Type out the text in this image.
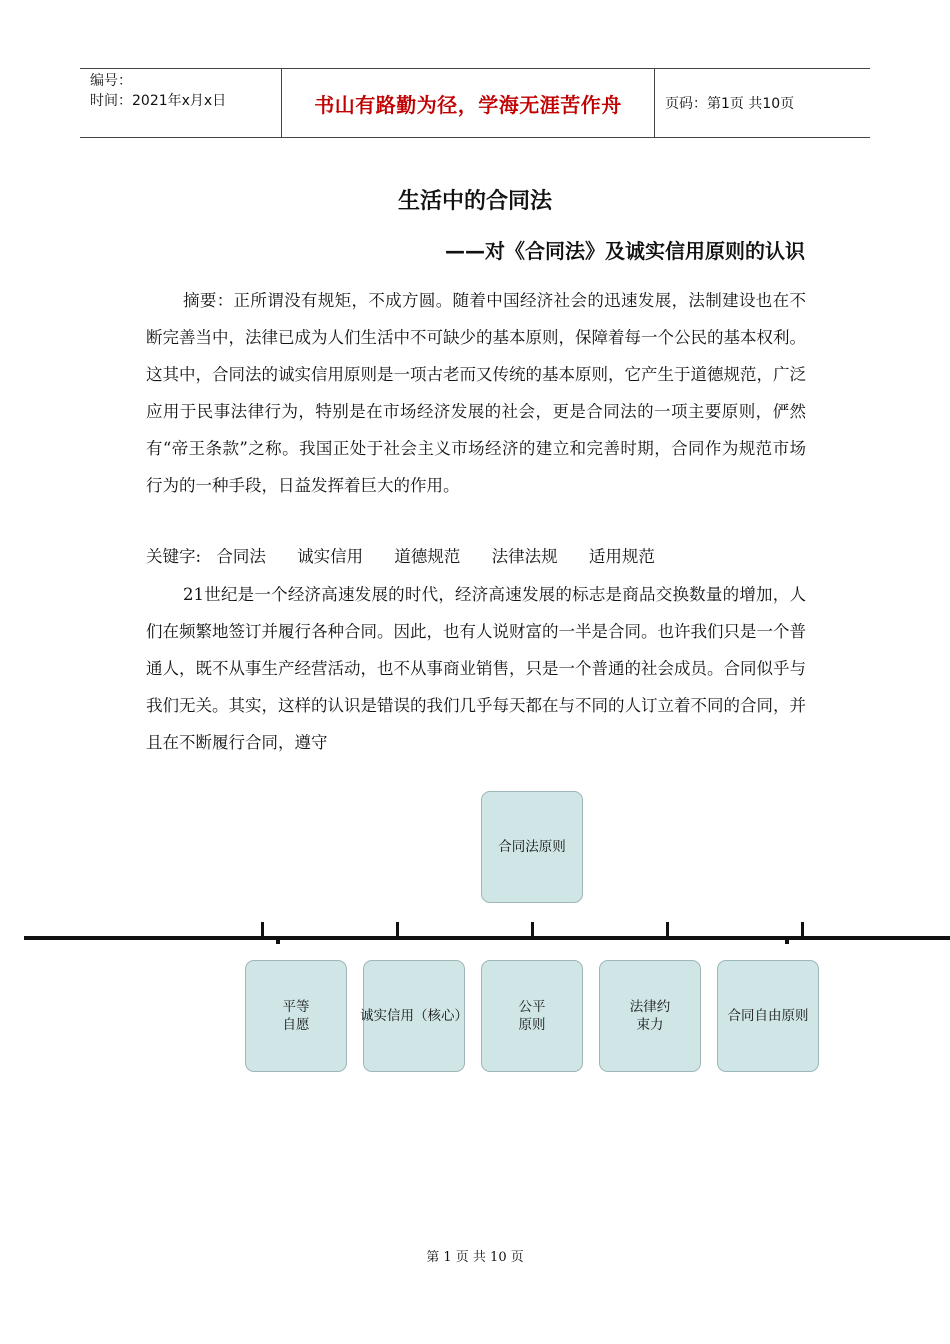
编号：
时间：2021年x月x日	书山有路勤为径，学海无涯苦作舟	页码：第1页 共10页
生活中的合同法
——对《合同法》及诚实信用原则的认识

摘要：正所谓没有规矩，不成方圆。随着中国经济社会的迅速发展，法制建设也在不断完善当中，法律已成为人们生活中不可缺少的基本原则，保障着每一个公民的基本权利。这其中，合同法的诚实信用原则是一项古老而又传统的基本原则，它产生于道德规范，广泛应用于民事法律行为，特别是在市场经济发展的社会，更是合同法的一项主要原则，俨然有“帝王条款”之称。我国正处于社会主义市场经济的建立和完善时期，合同作为规范市场行为的一种手段，日益发挥着巨大的作用。

关键字: 合同法 诚实信用 道德规范 法律法规 适用规范

21世纪是一个经济高速发展的时代，经济高速发展的标志是商品交换数量的增加，人们在频繁地签订并履行各种合同。因此，也有人说财富的一半是合同。也许我们只是一个普通人，既不从事生产经营活动，也不从事商业销售，只是一个普通的社会成员。合同似乎与我们无关。其实，这样的认识是错误的我们几乎每天都在与不同的人订立着不同的合同，并且在不断履行合同，遵守

合同法原则
平等
自愿
诚实信用（核心）
公平
原则
法律约
束力
合同自由原则
第 1 页 共 10 页
